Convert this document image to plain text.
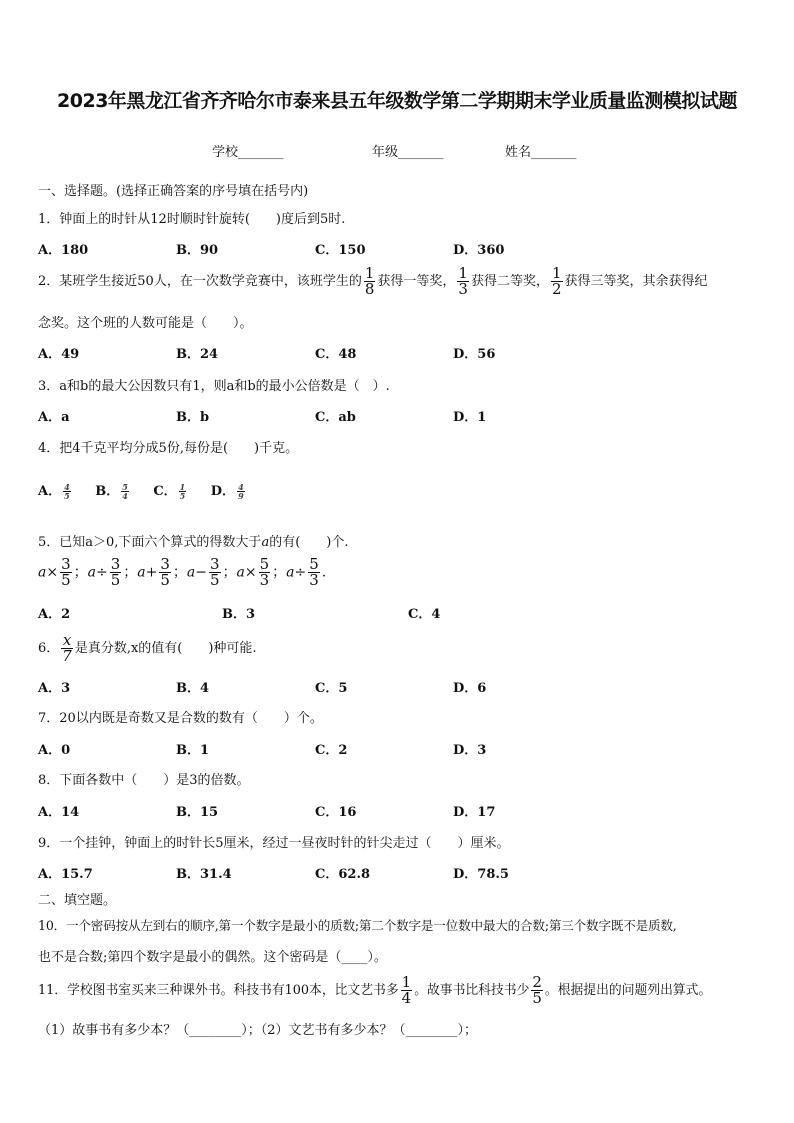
2023年黑龙江省齐齐哈尔市泰来县五年级数学第二学期期末学业质量监测模拟试题
学校_______	年级_______	姓名_______
一、选择题。(选择正确答案的序号填在括号内)
1．钟面上的时针从12时顺时针旋转(　　)度后到5时.
A．180	B．90	C．150	D．360
2．某班学生接近50人，在一次数学竞赛中，该班学生的 $\frac{1}{8}$ 获得一等奖， $\frac{1}{3}$ 获得二等奖， $\frac{1}{2}$ 获得三等奖，其余获得纪
念奖。这个班的人数可能是（　　）。
A．49	B．24	C．48	D．56
3．a和b的最大公因数只有1，则a和b的最小公倍数是（　）.
A．a	B．b	C．ab	D．1
4．把4千克平均分成5份,每份是(　　)千克。
A． $\frac{4}{5}$ B． $\frac{5}{4}$ C． $\frac{1}{5}$ D． $\frac{4}{9}$
5．已知a＞0,下面六个算式的得数大于a的有(　　)个.
$a\times \frac{3}{5}$ ；$a\div \frac{3}{5}$ ；$a+ \frac{3}{5}$ ；$a- \frac{3}{5}$ ；$a\times \frac{5}{3}$ ；$a\div \frac{5}{3}$ .
A．2	B．3	C．4
6． $\frac{x}{7}$ 是真分数,x的值有(　　)种可能.
A．3	B．4	C．5	D．6
7．20以内既是奇数又是合数的数有（　　）个。
A．0	B．1	C．2	D．3
8．下面各数中（　　）是3的倍数。
A．14	B．15	C．16	D．17
9．一个挂钟，钟面上的时针长5厘米，经过一昼夜时针的针尖走过（　　）厘米。
A．15.7	B．31.4	C．62.8	D．78.5
二、填空题。
10．一个密码按从左到右的顺序,第一个数字是最小的质数;第二个数字是一位数中最大的合数;第三个数字既不是质数,
也不是合数;第四个数字是最小的偶然。这个密码是（____）。
11．学校图书室买来三种课外书。科技书有100本，比文艺书多 $\frac{1}{4}$ 。故事书比科技书少 $\frac{2}{5}$ 。根据提出的问题列出算式。
（1）故事书有多少本？（________）；（2）文艺书有多少本？（________）；
